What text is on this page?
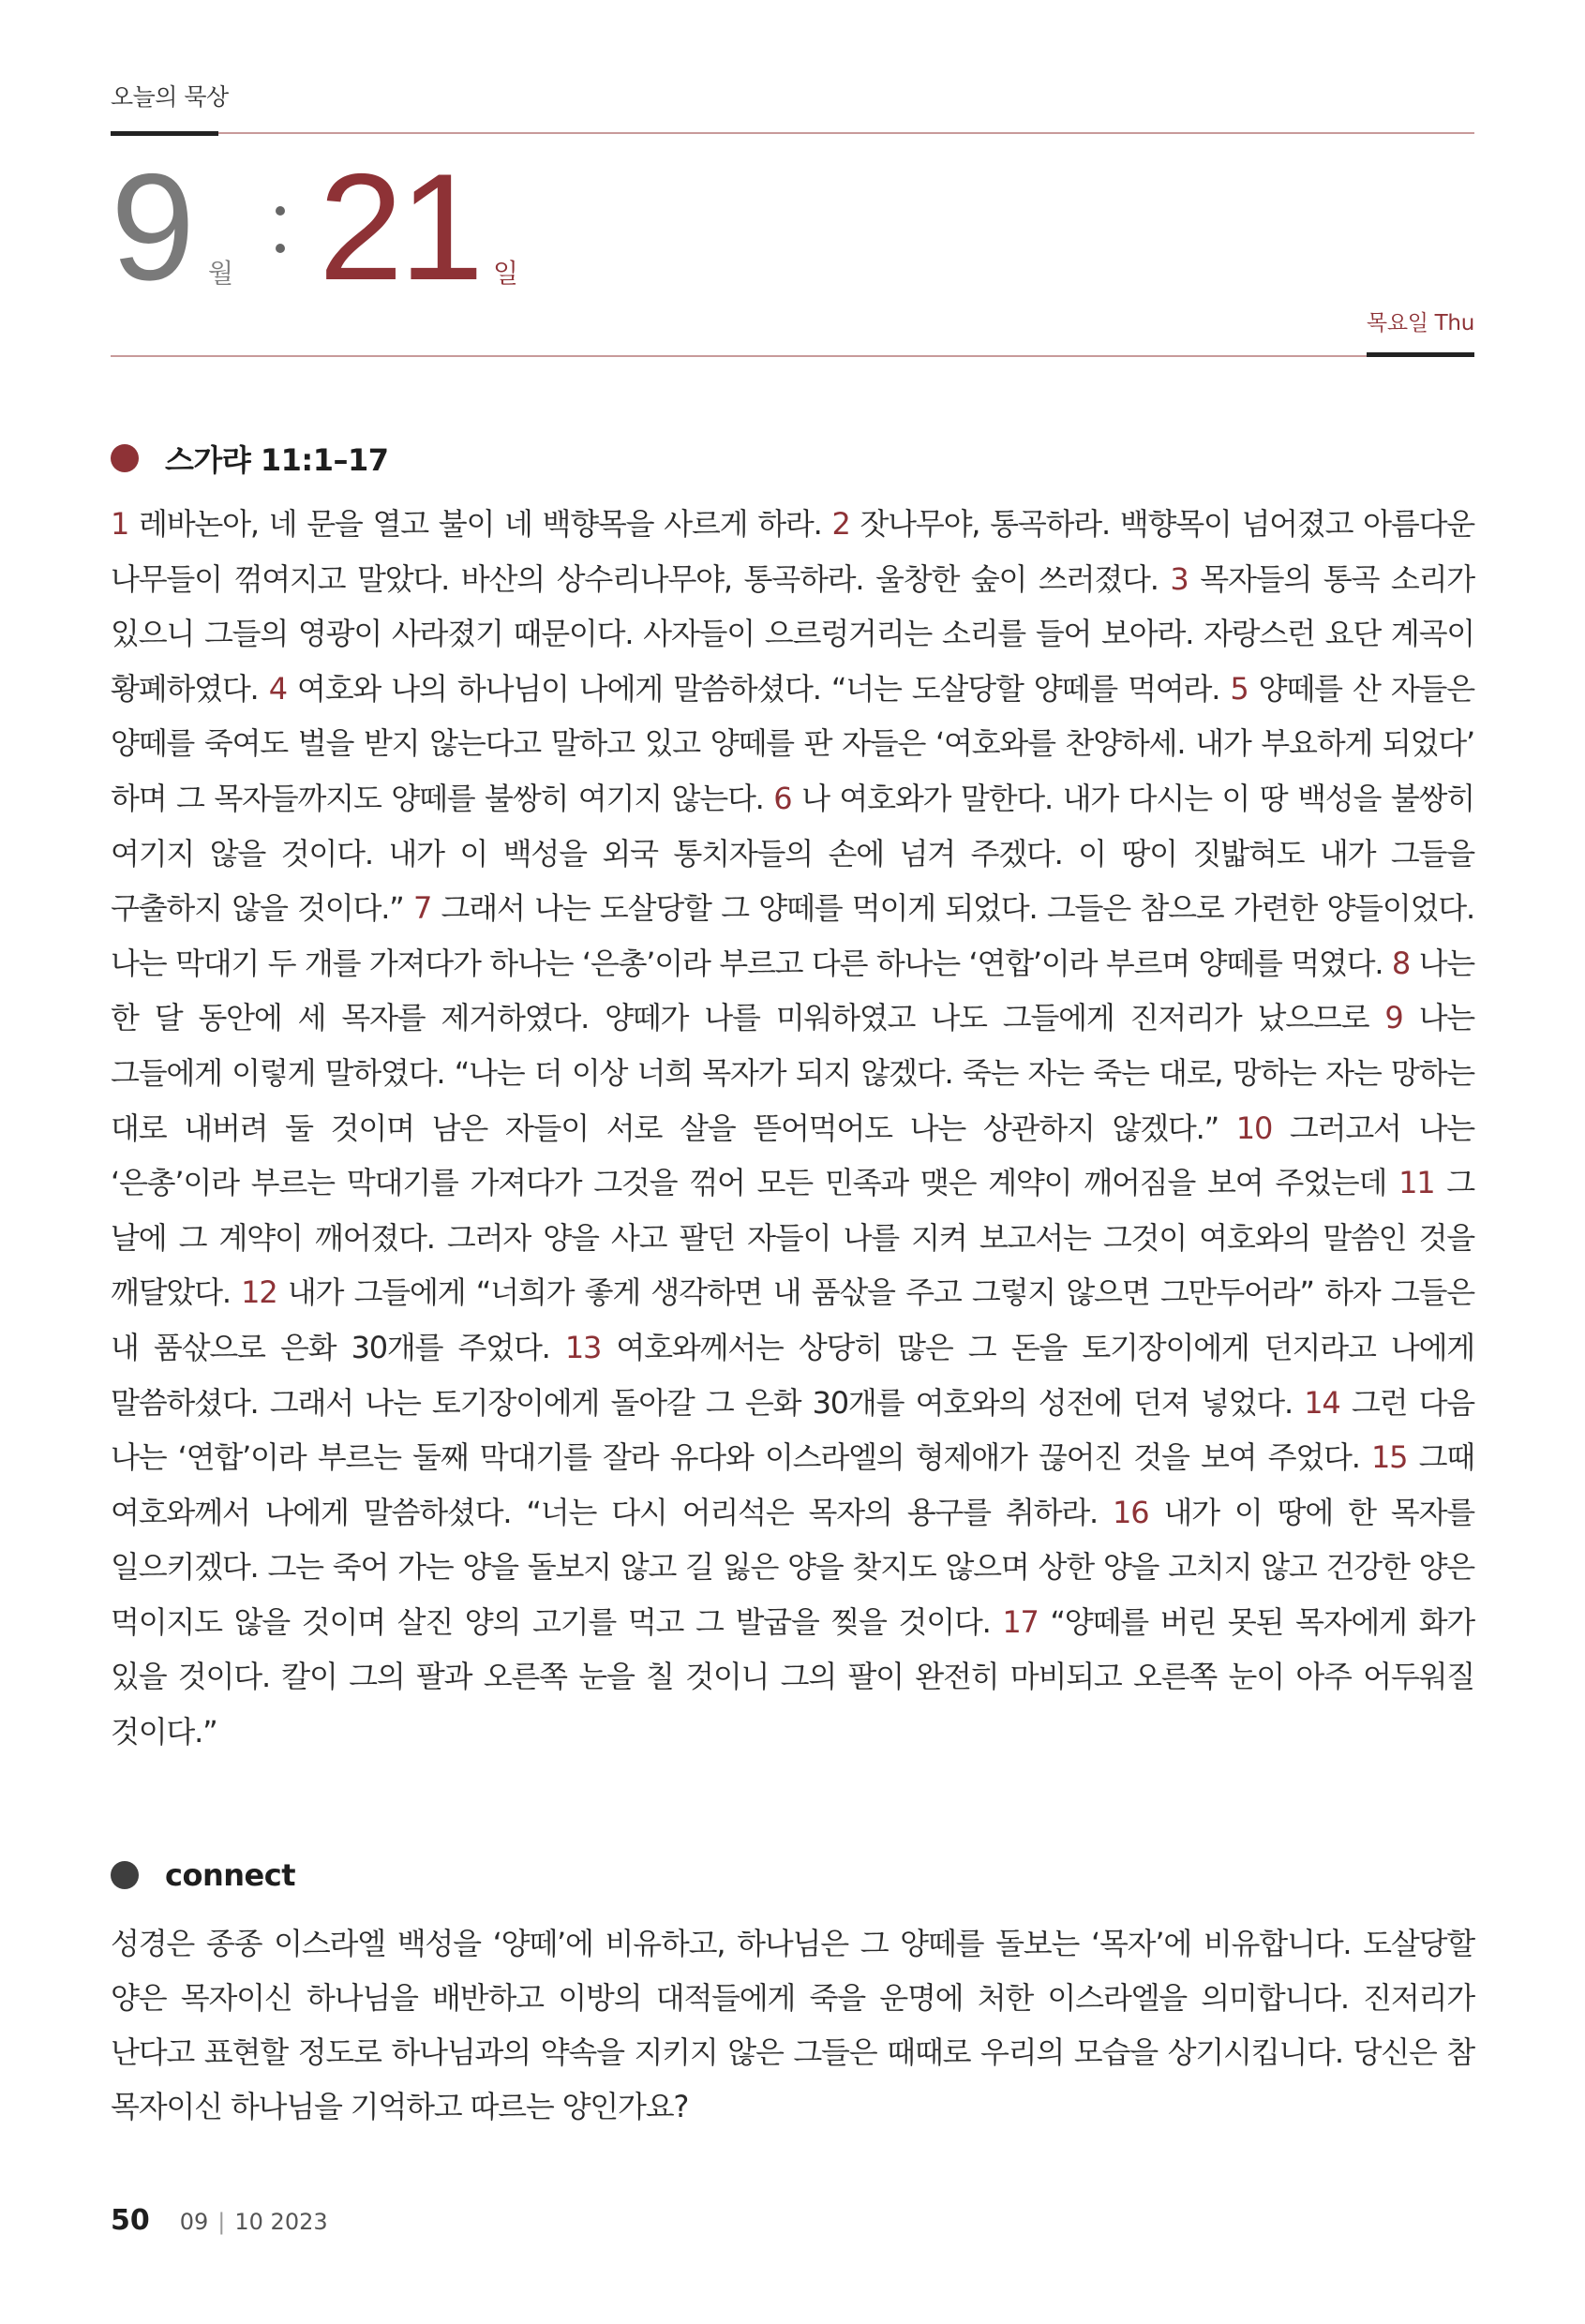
오늘의 묵상
9 월 21 일
목요일 Thu
스가랴 11:1–17
1 레바논아, 네 문을 열고 불이 네 백향목을 사르게 하라. 2 잣나무야, 통곡하라. 백향목이 넘어졌고 아름다운 나무들이 꺾여지고 말았다. 바산의 상수리나무야, 통곡하라. 울창한 숲이 쓰러졌다. 3 목자들의 통곡 소리가 있으니 그들의 영광이 사라졌기 때문이다. 사자들이 으르렁거리는 소리를 들어 보아라. 자랑스런 요단 계곡이 황폐하였다. 4 여호와 나의 하나님이 나에게 말씀하셨다. “너는 도살당할 양떼를 먹여라. 5 양떼를 산 자들은 양떼를 죽여도 벌을 받지 않는다고 말하고 있고 양떼를 판 자들은 ‘여호와를 찬양하세. 내가 부요하게 되었다’ 하며 그 목자들까지도 양떼를 불쌍히 여기지 않는다. 6 나 여호와가 말한다. 내가 다시는 이 땅 백성을 불쌍히 여기지 않을 것이다. 내가 이 백성을 외국 통치자들의 손에 넘겨 주겠다. 이 땅이 짓밟혀도 내가 그들을 구출하지 않을 것이다.” 7 그래서 나는 도살당할 그 양떼를 먹이게 되었다. 그들은 참으로 가련한 양들이었다. 나는 막대기 두 개를 가져다가 하나는 ‘은총’이라 부르고 다른 하나는 ‘연합’이라 부르며 양떼를 먹였다. 8 나는 한 달 동안에 세 목자를 제거하였다. 양떼가 나를 미워하였고 나도 그들에게 진저리가 났으므로 9 나는 그들에게 이렇게 말하였다. “나는 더 이상 너희 목자가 되지 않겠다. 죽는 자는 죽는 대로, 망하는 자는 망하는 대로 내버려 둘 것이며 남은 자들이 서로 살을 뜯어먹어도 나는 상관하지 않겠다.” 10 그러고서 나는 ‘은총’이라 부르는 막대기를 가져다가 그것을 꺾어 모든 민족과 맺은 계약이 깨어짐을 보여 주었는데 11 그 날에 그 계약이 깨어졌다. 그러자 양을 사고 팔던 자들이 나를 지켜 보고서는 그것이 여호와의 말씀인 것을 깨달았다. 12 내가 그들에게 “너희가 좋게 생각하면 내 품삯을 주고 그렇지 않으면 그만두어라” 하자 그들은 내 품삯으로 은화 30개를 주었다. 13 여호와께서는 상당히 많은 그 돈을 토기장이에게 던지라고 나에게 말씀하셨다. 그래서 나는 토기장이에게 돌아갈 그 은화 30개를 여호와의 성전에 던져 넣었다. 14 그런 다음 나는 ‘연합’이라 부르는 둘째 막대기를 잘라 유다와 이스라엘의 형제애가 끊어진 것을 보여 주었다. 15 그때 여호와께서 나에게 말씀하셨다. “너는 다시 어리석은 목자의 용구를 취하라. 16 내가 이 땅에 한 목자를 일으키겠다. 그는 죽어 가는 양을 돌보지 않고 길 잃은 양을 찾지도 않으며 상한 양을 고치지 않고 건강한 양은 먹이지도 않을 것이며 살진 양의 고기를 먹고 그 발굽을 찢을 것이다. 17 “양떼를 버린 못된 목자에게 화가 있을 것이다. 칼이 그의 팔과 오른쪽 눈을 칠 것이니 그의 팔이 완전히 마비되고 오른쪽 눈이 아주 어두워질 것이다.”
connect
성경은 종종 이스라엘 백성을 ‘양떼’에 비유하고, 하나님은 그 양떼를 돌보는 ‘목자’에 비유합니다. 도살당할 양은 목자이신 하나님을 배반하고 이방의 대적들에게 죽을 운명에 처한 이스라엘을 의미합니다. 진저리가 난다고 표현할 정도로 하나님과의 약속을 지키지 않은 그들은 때때로 우리의 모습을 상기시킵니다. 당신은 참 목자이신 하나님을 기억하고 따르는 양인가요?
50 09 | 10 2023
